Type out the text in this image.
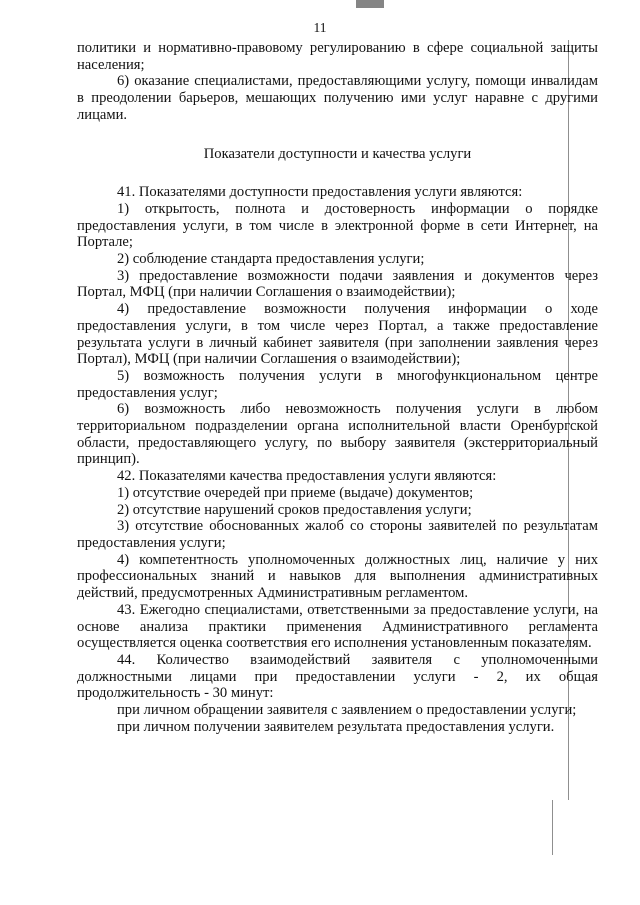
11

политики и нормативно-правовому регулированию в сфере социальной защиты населения;

6) оказание специалистами, предоставляющими услугу, помощи инвалидам в преодолении барьеров, мешающих получению ими услуг наравне с другими лицами.

Показатели доступности и качества услуги

41. Показателями доступности предоставления услуги являются:

1) открытость, полнота и достоверность информации о порядке предоставления услуги, в том числе в электронной форме в сети Интернет, на Портале;

2) соблюдение стандарта предоставления услуги;

3) предоставление возможности подачи заявления и документов через Портал, МФЦ (при наличии Соглашения о взаимодействии);

4) предоставление возможности получения информации о ходе предоставления услуги, в том числе через Портал, а также предоставление результата услуги в личный кабинет заявителя (при заполнении заявления через Портал), МФЦ (при наличии Соглашения о взаимодействии);

5) возможность получения услуги в многофункциональном центре предоставления услуг;

6) возможность либо невозможность получения услуги в любом территориальном подразделении органа исполнительной власти Оренбургской области, предоставляющего услугу, по выбору заявителя (экстерриториальный принцип).

42. Показателями качества предоставления услуги являются:

1) отсутствие очередей при приеме (выдаче) документов;

2) отсутствие нарушений сроков предоставления услуги;

3) отсутствие обоснованных жалоб со стороны заявителей по результатам предоставления услуги;

4) компетентность уполномоченных должностных лиц, наличие у них профессиональных знаний и навыков для выполнения административных действий, предусмотренных Административным регламентом.

43. Ежегодно специалистами, ответственными за предоставление услуги, на основе анализа практики применения Административного регламента осуществляется оценка соответствия его исполнения установленным показателям.

44. Количество взаимодействий заявителя с уполномоченными должностными лицами при предоставлении услуги - 2, их общая продолжительность - 30 минут:

при личном обращении заявителя с заявлением о предоставлении услуги;

при личном получении заявителем результата предоставления услуги.
